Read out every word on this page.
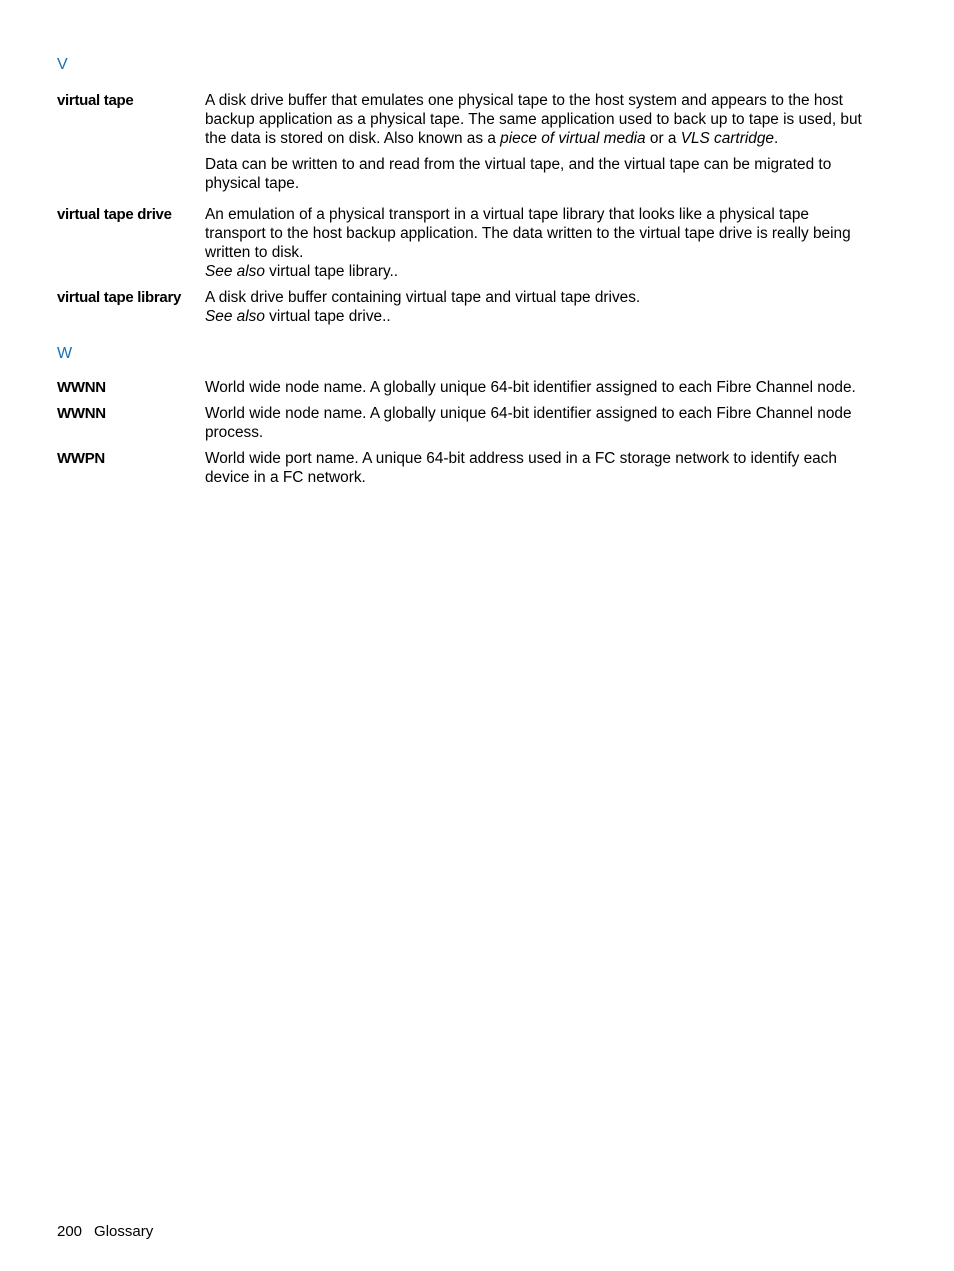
V
virtual tape	A disk drive buffer that emulates one physical tape to the host system and appears to the host backup application as a physical tape. The same application used to back up to tape is used, but the data is stored on disk. Also known as a piece of virtual media or a VLS cartridge.

Data can be written to and read from the virtual tape, and the virtual tape can be migrated to physical tape.

virtual tape drive	An emulation of a physical transport in a virtual tape library that looks like a physical tape transport to the host backup application. The data written to the virtual tape drive is really being written to disk.

See also virtual tape library..
virtual tape library	A disk drive buffer containing virtual tape and virtual tape drives.

See also virtual tape drive..
W
WWNN	World wide node name. A globally unique 64-bit identifier assigned to each Fibre Channel node.

WWNN	World wide node name. A globally unique 64-bit identifier assigned to each Fibre Channel node process.

WWPN	World wide port name. A unique 64-bit address used in a FC storage network to identify each device in a FC network.

200 Glossary
